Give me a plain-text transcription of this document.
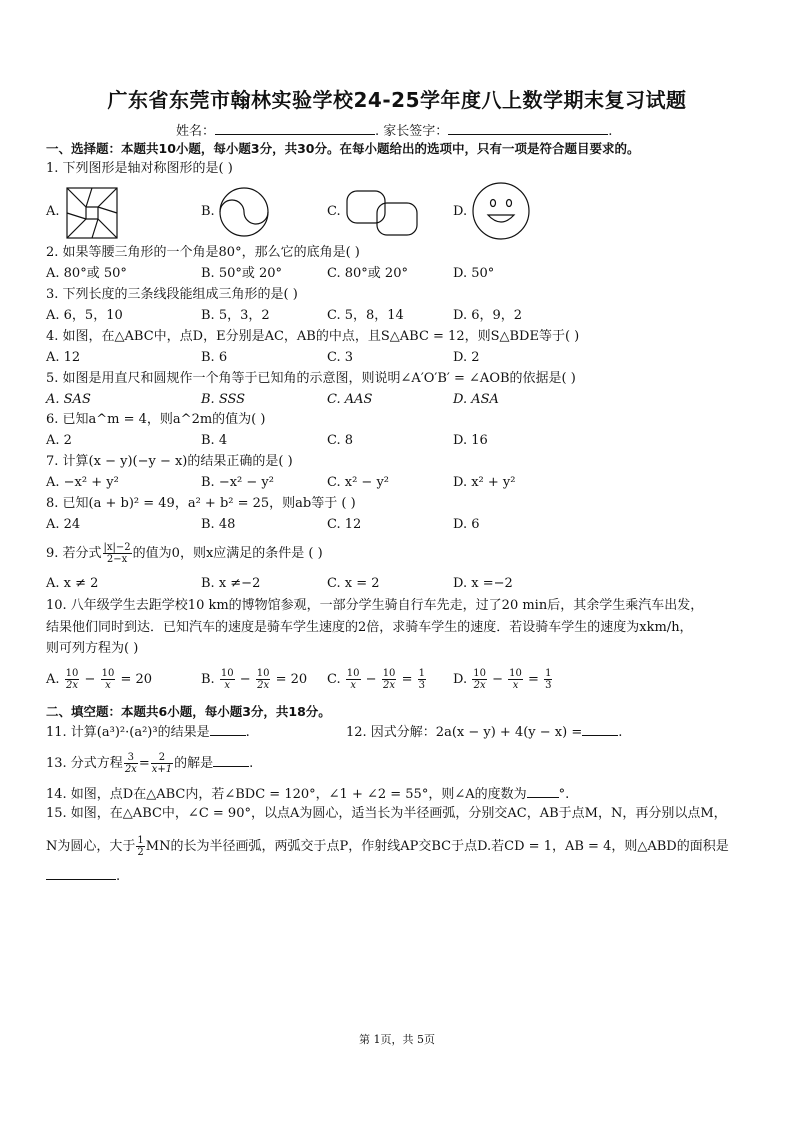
广东省东莞市翰林实验学校24-25学年度八上数学期末复习试题
姓名：	. 家长签字：	.
一、选择题：本题共10小题，每小题3分，共30分。在每小题给出的选项中，只有一项是符合题目要求的。
1. 下列图形是轴对称图形的是( )
A.	B.	C.	D.
2. 如果等腰三角形的一个角是80°，那么它的底角是( )
A. 80°或 50°	B. 50°或 20°	C. 80°或 20°	D. 50°
3. 下列长度的三条线段能组成三角形的是( )
A. 6，5，10	B. 5，3，2	C. 5，8，14	D. 6，9，2
4. 如图，在△ABC中，点D，E分别是AC，AB的中点，且S△ABC = 12，则S△BDE等于( )
A. 12	B. 6	C. 3	D. 2
5. 如图是用直尺和圆规作一个角等于已知角的示意图，则说明∠A′O′B′ = ∠AOB的依据是( )
A. SAS	B. SSS	C. AAS	D. ASA
6. 已知a^m = 4，则a^2m的值为( )
A. 2	B. 4	C. 8	D. 16
7. 计算(x − y)(−y − x)的结果正确的是( )
A. −x² + y²	B. −x² − y²	C. x² − y²	D. x² + y²
8. 已知(a + b)² = 49，a² + b² = 25，则ab等于 ( )
A. 24	B. 48	C. 12	D. 6
9. 若分式 $\frac{|x|-2}{2-x}$ 的值为0，则x应满足的条件是 ( )
A. x ≠ 2	B. x ≠−2	C. x = 2	D. x =−2
10. 八年级学生去距学校10 km的博物馆参观，一部分学生骑自行车先走，过了20 min后，其余学生乘汽车出发，
结果他们同时到达．已知汽车的速度是骑车学生速度的2倍，求骑车学生的速度．若设骑车学生的速度为xkm/h，
则可列方程为( )
A. $\frac{10}{2x} - \frac{10}{x} = 20$	B. $\frac{10}{x} - \frac{10}{2x} = 20$ C. $\frac{10}{x} - \frac{10}{2x} = \frac{1}{3} D$. $\frac{10}{2x} - \frac{10}{x} = \frac{1}{3}$
二、填空题：本题共6小题，每小题3分，共18分。
11. 计算(a³)²·(a²)³的结果是	.	12. 因式分解：2a(x − y) + 4(y − x) =	.
13. 分式方程 $\frac{3}{2x} = \frac{2}{x+1}$ 的解是	.
14. 如图，点D在△ABC内，若∠BDC = 120°，∠1 + ∠2 = 55°，则∠A的度数为 °.
15. 如图，在△ABC中，∠C = 90°，以点A为圆心，适当长为半径画弧，分别交AC，AB于点M，N，再分别以点M，
N为圆心，大于 $\frac{1}{2}$ MN的长为半径画弧，两弧交于点P，作射线AP交BC于点D.若CD = 1，AB = 4，则△ABD的面积是
.
第 1页，共 5页
